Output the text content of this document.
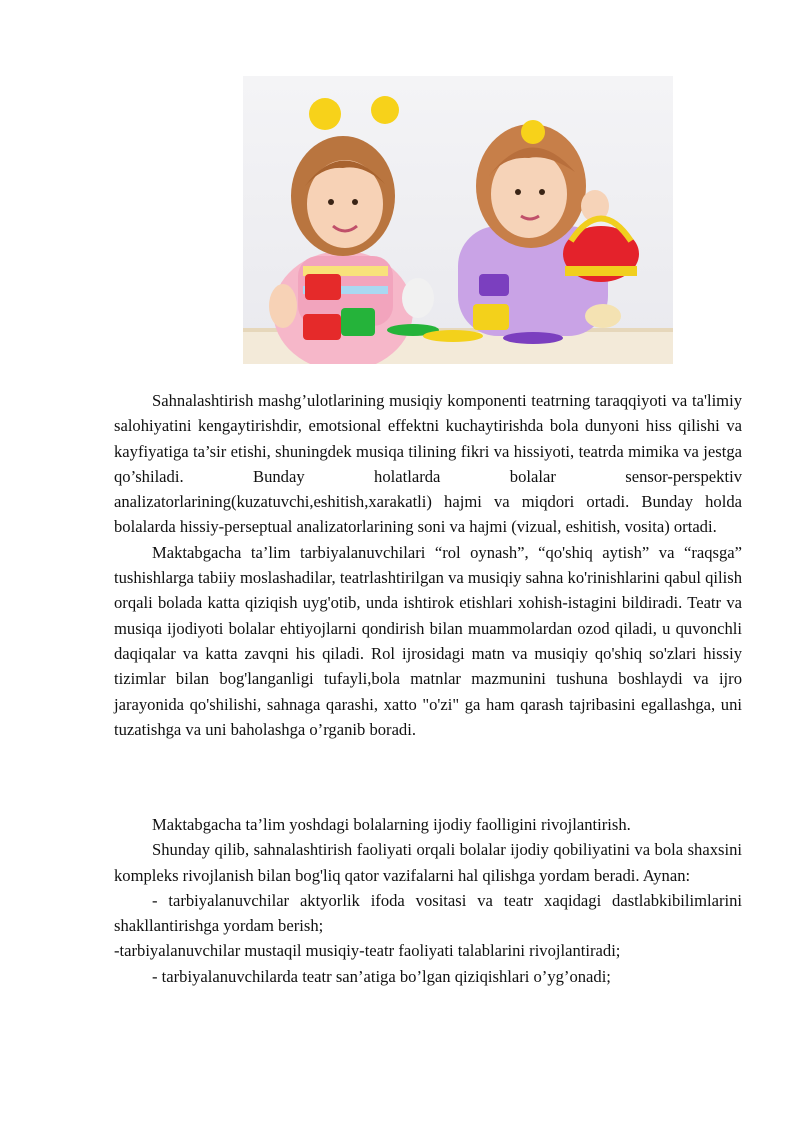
Sahnalashtirish mashg’ulotlarining musiqiy komponenti teatrning taraqqiyoti va ta'limiy salohiyatini kengaytirishdir, emotsional effektni kuchaytirishda bola dunyoni hiss qilishi va kayfiyatiga ta’sir etishi, shuningdek musiqa tilining fikri va hissiyoti, teatrda mimika va jestga qo’shiladi. Bunday holatlarda bolalar sensor-perspektiv analizatorlarining(kuzatuvchi,eshitish,xarakatli) hajmi va miqdori ortadi. Bunday holda bolalarda hissiy-perseptual analizatorlarining soni va hajmi (vizual, eshitish, vosita) ortadi.

Maktabgacha ta’lim tarbiyalanuvchilari “rol oynash”, “qo'shiq aytish” va “raqsga” tushishlarga tabiiy moslashadilar, teatrlashtirilgan va musiqiy sahna ko'rinishlarini qabul qilish orqali bolada katta qiziqish uyg'otib, unda ishtirok etishlari xohish-istagini bildiradi. Teatr va musiqa ijodiyoti bolalar ehtiyojlarni qondirish bilan muammolardan ozod qiladi, u quvonchli daqiqalar va katta zavqni his qiladi. Rol ijrosidagi matn va musiqiy qo'shiq so'zlari hissiy tizimlar bilan bog'langanligi tufayli,bola matnlar mazmunini tushuna boshlaydi va ijro jarayonida qo'shilishi, sahnaga qarashi, xatto "o'zi" ga ham qarash tajribasini egallashga, uni tuzatishga va uni baholashga o’rganib boradi.

Maktabgacha ta’lim yoshdagi bolalarning ijodiy faolligini rivojlantirish.

Shunday qilib, sahnalashtirish faoliyati orqali bolalar ijodiy qobiliyatini va bola shaxsini kompleks rivojlanish bilan bog'liq qator vazifalarni hal qilishga yordam beradi. Aynan:

- tarbiyalanuvchilar aktyorlik ifoda vositasi va teatr xaqidagi dastlabkibilimlarini shakllantirishga yordam berish;

-tarbiyalanuvchilar mustaqil musiqiy-teatr faoliyati talablarini rivojlantiradi;

- tarbiyalanuvchilarda teatr san’atiga bo’lgan qiziqishlari o’yg’onadi;
